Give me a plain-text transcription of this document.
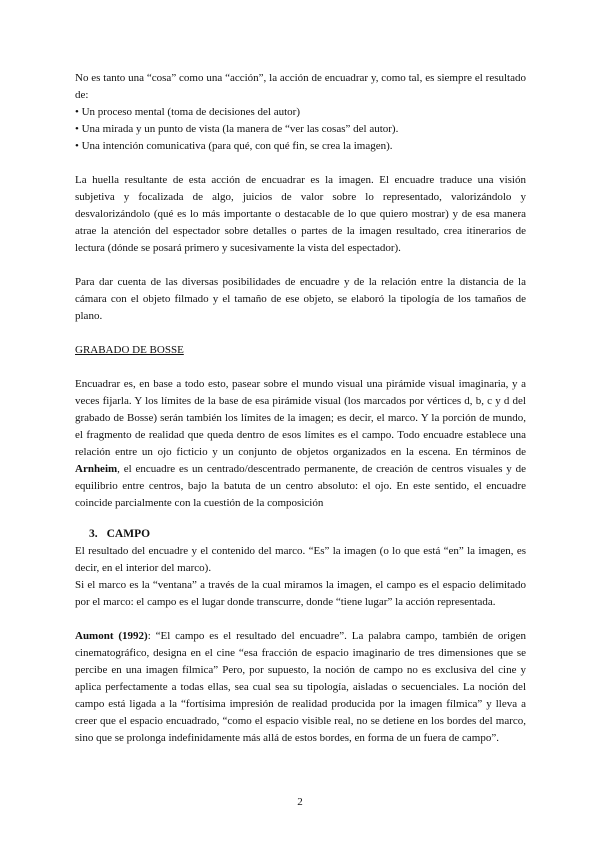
No es tanto una “cosa” como una “acción”, la acción de encuadrar y, como tal, es siempre el resultado de:

• Un proceso mental (toma de decisiones del autor)
• Una mirada y un punto de vista (la manera de “ver las cosas” del autor).
• Una intención comunicativa (para qué, con qué fin, se crea la imagen).

La huella resultante de esta acción de encuadrar es la imagen. El encuadre traduce una visión subjetiva y focalizada de algo, juicios de valor sobre lo representado, valorizándolo y desvalorizándolo (qué es lo más importante o destacable de lo que quiero mostrar) y de esa manera atrae la atención del espectador sobre detalles o partes de la imagen resultado, crea itinerarios de lectura (dónde se posará primero y sucesivamente la vista del espectador).

Para dar cuenta de las diversas posibilidades de encuadre y de la relación entre la distancia de la cámara con el objeto filmado y el tamaño de ese objeto, se elaboró la tipología de los tamaños de plano.

GRABADO DE BOSSE

Encuadrar es, en base a todo esto, pasear sobre el mundo visual una pirámide visual imaginaria, y a veces fijarla. Y los límites de la base de esa pirámide visual (los marcados por vértices d, b, c y d del grabado de Bosse) serán también los límites de la imagen; es decir, el marco. Y la porción de mundo, el fragmento de realidad que queda dentro de esos límites es el campo. Todo encuadre establece una relación entre un ojo ficticio y un conjunto de objetos organizados en la escena. En términos de Arnheim, el encuadre es un centrado/descentrado permanente, de creación de centros visuales y de equilibrio entre centros, bajo la batuta de un centro absoluto: el ojo. En este sentido, el encuadre coincide parcialmente con la cuestión de la composición

3. CAMPO

El resultado del encuadre y el contenido del marco. “Es” la imagen (o lo que está “en” la imagen, es decir, en el interior del marco).

Si el marco es la “ventana” a través de la cual miramos la imagen, el campo es el espacio delimitado por el marco: el campo es el lugar donde transcurre, donde “tiene lugar” la acción representada.

Aumont (1992): “El campo es el resultado del encuadre”. La palabra campo, también de origen cinematográfico, designa en el cine “esa fracción de espacio imaginario de tres dimensiones que se percibe en una imagen fílmica” Pero, por supuesto, la noción de campo no es exclusiva del cine y aplica perfectamente a todas ellas, sea cual sea su tipología, aisladas o secuenciales. La noción del campo está ligada a la “fortísima impresión de realidad producida por la imagen fílmica” y lleva a creer que el espacio encuadrado, “como el espacio visible real, no se detiene en los bordes del marco, sino que se prolonga indefinidamente más allá de estos bordes, en forma de un fuera de campo”.

2
